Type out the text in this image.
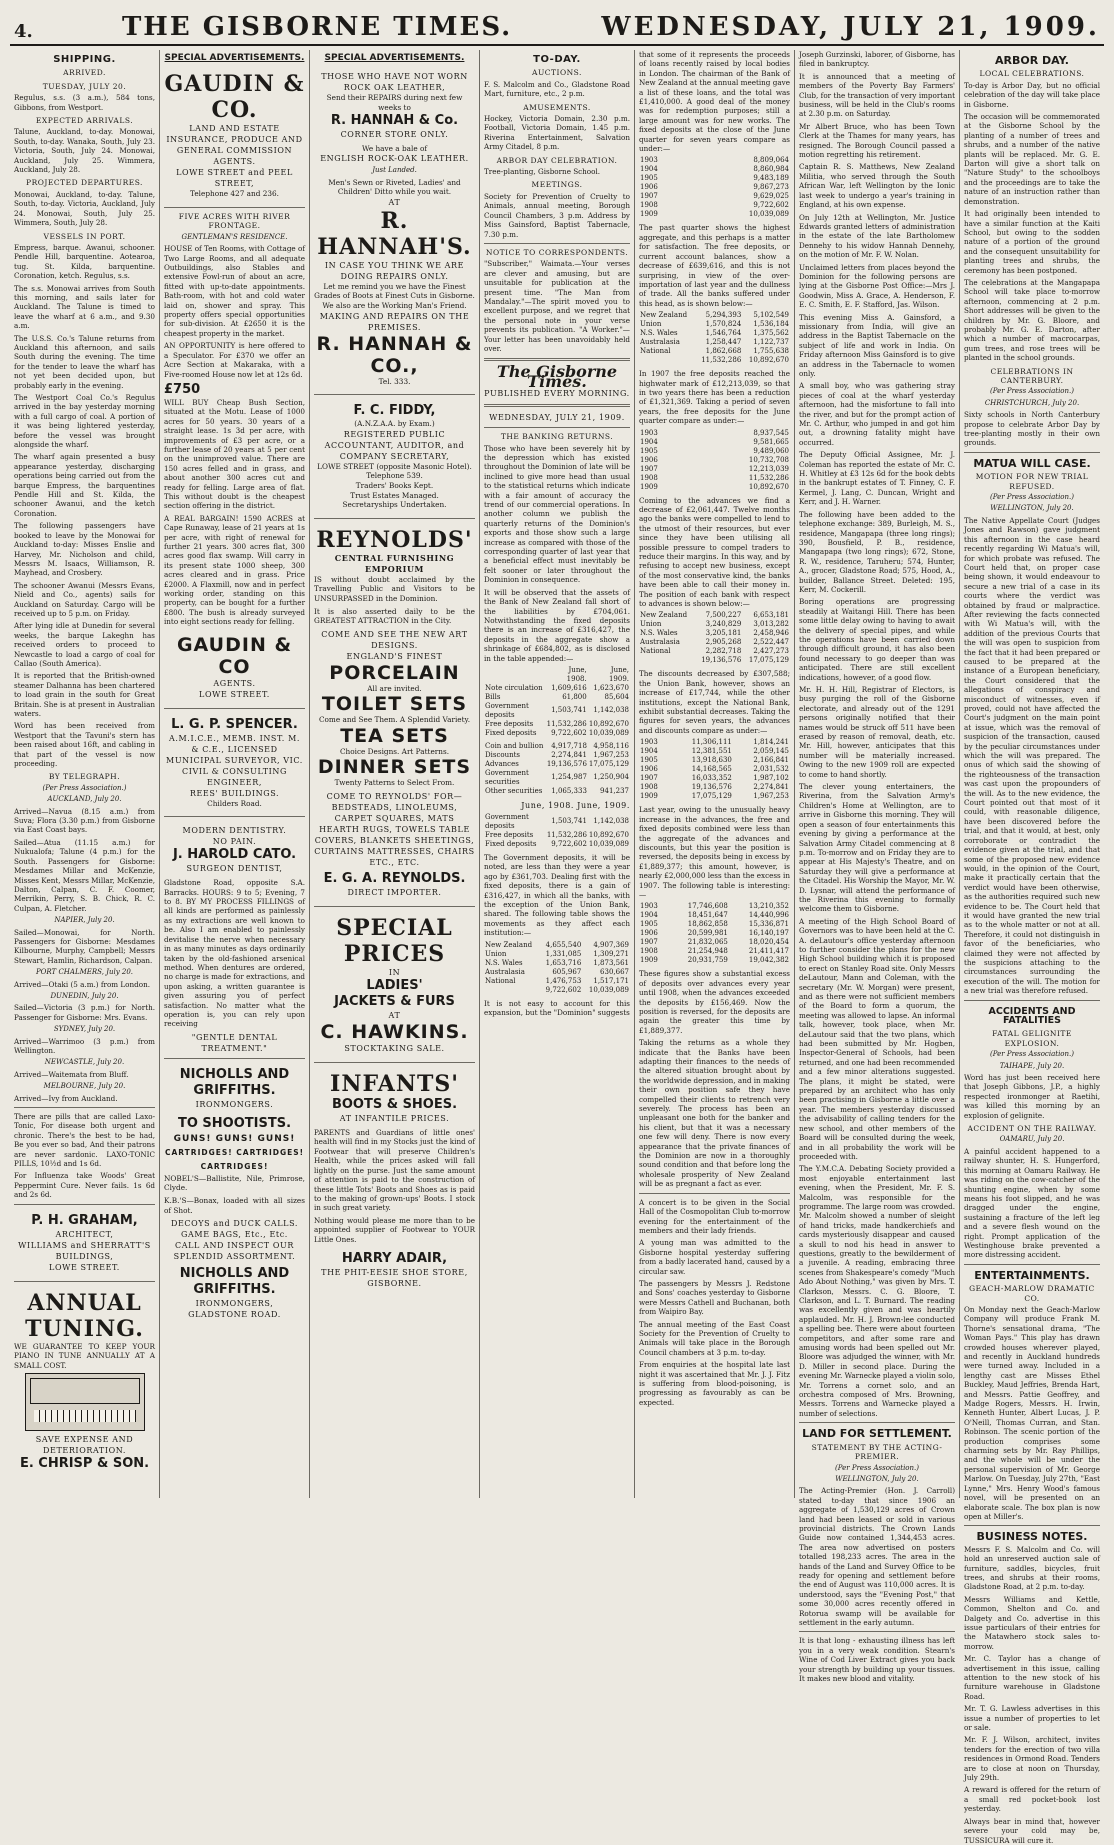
4.	THE GISBORNE TIMES.	WEDNESDAY, JULY 21, 1909.
SHIPPING.
ARRIVED.
TUESDAY, JULY 20.

Regulus, s.s. (3 a.m.), 584 tons, Gibbons, from Westport.

EXPECTED ARRIVALS.

Talune, Auckland, to-day. Monowai, South, to-day. Wanaka, South, July 23. Victoria, South, July 24. Monowai, Auckland, July 25. Wimmera, Auckland, July 28.

PROJECTED DEPARTURES.

Monowai, Auckland, to-day. Talune, South, to-day. Victoria, Auckland, July 24. Monowai, South, July 25. Wimmera, South, July 28.

VESSELS IN PORT.

Empress, barque. Awanui, schooner. Pendle Hill, barquentine. Aotearoa, tug. St. Kilda, barquentine. Coronation, ketch. Regulus, s.s.

The s.s. Monowai arrives from South this morning, and sails later for Auckland. The Talune is timed to leave the wharf at 6 a.m., and 9.30 a.m.

The U.S.S. Co.'s Talune returns from Auckland this afternoon, and sails South during the evening. The time for the tender to leave the wharf has not yet been decided upon, but probably early in the evening.

The Westport Coal Co.'s Regulus arrived in the bay yesterday morning with a full cargo of coal. A portion of it was being lightered yesterday, before the vessel was brought alongside the wharf.

The wharf again presented a busy appearance yesterday, discharging operations being carried out from the barque Empress, the barquentines Pendle Hill and St. Kilda, the schooner Awanui, and the ketch Coronation.

The following passengers have booked to leave by the Monowai for Auckland to-day: Misses Enslie and Harvey, Mr. Nicholson and child, Messrs M. Isaacs, Williamson, R. Mayhead, and Crosbery.

The schooner Awanui (Messrs Evans, Nield and Co., agents) sails for Auckland on Saturday. Cargo will be received up to 5 p.m. on Friday.

After lying idle at Dunedin for several weeks, the barque Lakeghn has received orders to proceed to Newcastle to load a cargo of coal for Callao (South America).

It is reported that the British-owned steamer Dalhanna has been chartered to load grain in the south for Great Britain. She is at present in Australian waters.

Word has been received from Westport that the Tavuni's stern has been raised about 16ft, and cabling in that part of the vessel is now proceeding.

BY TELEGRAPH.
(Per Press Association.)
AUCKLAND, July 20.

Arrived—Navua (8.15 a.m.) from Suva; Flora (3.30 p.m.) from Gisborne via East Coast bays.

Sailed—Atua (11.15 a.m.) for Nukualofa; Talune (4 p.m.) for the South. Passengers for Gisborne: Mesdames Millar and McKenzie, Misses Kent, Messrs Millar, McKenzie, Dalton, Calpan, C. F. Coomer, Merrikin, Perry, S. B. Chick, R. C. Culpan, A. Fletcher.

NAPIER, July 20.

Sailed—Monowai, for North. Passengers for Gisborne: Mesdames Kilbourne, Murphy, Campbell; Messrs Stewart, Hamlin, Richardson, Calpan.

PORT CHALMERS, July 20.

Arrived—Otaki (5 a.m.) from London.

DUNEDIN, July 20.

Sailed—Victoria (3 p.m.) for North. Passenger for Gisborne: Mrs. Evans.

SYDNEY, July 20.

Arrived—Warrimoo (3 p.m.) from Wellington.

NEWCASTLE, July 20.

Arrived—Waitemata from Bluff.

MELBOURNE, July 20.

Arrived—Ivy from Auckland.

There are pills that are called Laxo-Tonic, For disease both urgent and chronic. There's the best to be had, Be you ever so bad, And their patrons are never sardonic. LAXO-TONIC PILLS, 10½d and 1s 6d.

For Influenza take Woods' Great Peppermint Cure. Never fails. 1s 6d and 2s 6d.

P. H. GRAHAM,
ARCHITECT,
WILLIAMS and SHERRATT'S
BUILDINGS,
LOWE STREET.
ANNUAL
TUNING.

WE GUARANTEE TO KEEP YOUR PIANO IN TUNE ANNUALLY AT A SMALL COST.

SAVE EXPENSE AND DETERIORATION.
E. CHRISP & SON.
SPECIAL ADVERTISEMENTS.
GAUDIN & CO.
LAND AND ESTATE INSURANCE, PRODUCE AND GENERAL COMMISSION AGENTS.
LOWE STREET and PEEL STREET,
Telephone 427 and 236.
FIVE ACRES WITH RIVER FRONTAGE.
GENTLEMAN'S RESIDENCE.

HOUSE of Ten Rooms, with Cottage of Two Large Rooms, and all adequate Outbuildings, also Stables and extensive Fowl-run of about an acre, fitted with up-to-date appointments. Bath-room, with hot and cold water laid on, shower and spray. This property offers special opportunities for sub-division. At £2650 it is the cheapest property in the market.

AN OPPORTUNITY is here offered to a Speculator. For £370 we offer an Acre Section at Makaraka, with a Five-roomed House now let at 12s 6d.

£750

WILL BUY Cheap Bush Section, situated at the Motu. Lease of 1000 acres for 50 years. 30 years of a straight lease. 1s 3d per acre, with improvements of £3 per acre, or a further lease of 20 years at 5 per cent on the unimproved value. There are 150 acres felled and in grass, and about another 300 acres cut and ready for felling. Large area of flat. This without doubt is the cheapest section offering in the district.

A REAL BARGAIN! 1590 ACRES at Cape Runaway, lease of 21 years at 1s per acre, with right of renewal for further 21 years. 300 acres flat, 300 acres good flax swamp. Will carry in its present state 1000 sheep, 300 acres cleared and in grass. Price £2000. A Flaxmill, now and in perfect working order, standing on this property, can be bought for a further £800. The bush is already surveyed into eight sections ready for felling.

GAUDIN & CO
AGENTS.
LOWE STREET.
L. G. P. SPENCER.
A.M.I.C.E., MEMB. INST. M. & C.E., LICENSED MUNICIPAL SURVEYOR, VIC.
CIVIL & CONSULTING ENGINEER,
REES' BUILDINGS.
Childers Road.
MODERN DENTISTRY.
NO PAIN.
J. HAROLD CATO.
SURGEON DENTIST,

Gladstone Road, opposite S.A. Barracks. HOURS: 9 to 5; Evening, 7 to 8. BY MY PROCESS FILLINGS of all kinds are performed as painlessly as my extractions are well known to be. Also I am enabled to painlessly devitalise the nerve when necessary in as many minutes as days ordinarily taken by the old-fashioned arsenical method. When dentures are ordered, no charge is made for extractions, and upon asking, a written guarantee is given assuring you of perfect satisfaction. No matter what the operation is, you can rely upon receiving

"GENTLE DENTAL TREATMENT."
NICHOLLS AND GRIFFITHS.
IRONMONGERS.
TO SHOOTISTS.
GUNS! GUNS! GUNS!
CARTRIDGES! CARTRIDGES! CARTRIDGES!

NOBEL'S—Ballistite, Nile, Primrose, Clyde.

K.B.'S—Bonax, loaded with all sizes of Shot.

DECOYS and DUCK CALLS.
GAME BAGS, Etc., Etc.
CALL AND INSPECT OUR SPLENDID ASSORTMENT.
NICHOLLS AND GRIFFITHS.
IRONMONGERS,
GLADSTONE ROAD.
SPECIAL ADVERTISEMENTS.
THOSE WHO HAVE NOT WORN ROCK OAK LEATHER,
Send their REPAIRS during next few weeks to
R. HANNAH & Co.
CORNER STORE ONLY.
We have a bale of
ENGLISH ROCK-OAK LEATHER.
Just Landed.
Men's Sewn or Riveted, Ladies' and Children' Ditto while you wait.
AT
R. HANNAH'S.
IN CASE YOU THINK WE ARE DOING REPAIRS ONLY.
Let me remind you we have the Finest Grades of Boots at Finest Cuts in Gisborne.
We also are the Working Man's Friend.
MAKING AND REPAIRS ON THE PREMISES.
R. HANNAH & CO.,
Tel. 333.
F. C. FIDDY,
(A.N.Z.A.A. by Exam.)
REGISTERED PUBLIC ACCOUNTANT, AUDITOR, and COMPANY SECRETARY,
LOWE STREET (opposite Masonic Hotel). Telephone 539.
Traders' Books Kept.
Trust Estates Managed.
Secretaryships Undertaken.
REYNOLDS'
CENTRAL FURNISHING EMPORIUM

IS without doubt acclaimed by the Travelling Public and Visitors to be UNSURPASSED in the Dominion.

It is also asserted daily to be the GREATEST ATTRACTION in the City.

COME AND SEE THE NEW ART DESIGNS.
ENGLAND'S FINEST
PORCELAIN
All are invited.
TOILET SETS
Come and See Them. A Splendid Variety.
TEA SETS
Choice Designs. Art Patterns.
DINNER SETS
Twenty Patterns to Select From.
COME TO REYNOLDS' FOR—
BEDSTEADS, LINOLEUMS, CARPET SQUARES, MATS HEARTH RUGS, TOWELS TABLE COVERS, BLANKETS SHEETINGS, CURTAINS MATTRESSES, CHAIRS ETC., ETC.
E. G. A. REYNOLDS.
DIRECT IMPORTER.
SPECIAL
PRICES
IN
LADIES'
JACKETS & FURS
AT
C. HAWKINS.
STOCKTAKING SALE.
INFANTS'
BOOTS & SHOES.
AT INFANTILE PRICES.

PARENTS and Guardians of little ones' health will find in my Stocks just the kind of Footwear that will preserve Children's Health, while the prices asked will fall lightly on the purse. Just the same amount of attention is paid to the construction of these little Tots' Boots and Shoes as is paid to the making of grown-ups' Boots. I stock in such great variety.

Nothing would please me more than to be appointed supplier of Footwear to YOUR Little Ones.

HARRY ADAIR,
THE PHIT-EESIE SHOE STORE, GISBORNE.
TO-DAY.
AUCTIONS.

F. S. Malcolm and Co., Gladstone Road Mart, furniture, etc., 2 p.m.

AMUSEMENTS.

Hockey, Victoria Domain, 2.30 p.m. Football, Victoria Domain, 1.45 p.m. Riverina Entertainment, Salvation Army Citadel, 8 p.m.

ARBOR DAY CELEBRATION.

Tree-planting, Gisborne School.

MEETINGS.

Society for Prevention of Cruelty to Animals, annual meeting, Borough Council Chambers, 3 p.m. Address by Miss Gainsford, Baptist Tabernacle, 7.30 p.m.

NOTICE TO CORRESPONDENTS.

"Subscriber," Waimata.—Your verses are clever and amusing, but are unsuitable for publication at the present time. "The Man from Mandalay."—The spirit moved you to excellent purpose, and we regret that the personal note in your verse prevents its publication. "A Worker."—Your letter has been unavoidably held over.

The Gisborne Times.
PUBLISHED EVERY MORNING.
WEDNESDAY, JULY 21, 1909.
THE BANKING RETURNS.

Those who have been severely hit by the depression which has existed throughout the Dominion of late will be inclined to give more head than usual to the statistical returns which indicate with a fair amount of accuracy the trend of our commercial operations. In another column we publish the quarterly returns of the Dominion's exports and those show such a large increase as compared with those of the corresponding quarter of last year that a beneficial effect must inevitably be felt sooner or later throughout the Dominion in consequence.

It will be observed that the assets of the Bank of New Zealand fall short of the liabilities by £704,061. Notwithstanding the fixed deposits there is an increase of £316,427, the deposits in the aggregate show a shrinkage of £684,802, as is disclosed in the table appended:—

	June, 1908.	June, 1909.
Note circulation	1,609,616	1,623,670
Bills	61,800	85,604
Government deposits	1,503,741	1,142,038
Free deposits	11,532,286	10,892,670
Fixed deposits	9,722,602	10,039,089
Coin and bullion	4,917,718	4,958,116
Discounts	2,274,841	1,967,253
Advances	19,136,576	17,075,129
Government securities	1,254,987	1,250,904
Other securities	1,065,333	941,237
June, 1908. June, 1909.
Government deposits	1,503,741	1,142,038
Free deposits	11,532,286	10,892,670
Fixed deposits	9,722,602	10,039,089

The Government deposits, it will be noted, are less than they were a year ago by £361,703. Dealing first with the fixed deposits, there is a gain of £316,427, in which all the banks, with the exception of the Union Bank, shared. The following table shows the movements as they affect each institution:—

New Zealand	4,655,540	4,907,369
Union	1,331,085	1,309,271
N.S. Wales	1,653,716	1,873,561
Australasia	605,967	630,667
National	1,476,753	1,517,171
	9,722,602	10,039,089

It is not easy to account for this expansion, but the "Dominion" suggests

that some of it represents the proceeds of loans recently raised by local bodies in London. The chairman of the Bank of New Zealand at the annual meeting gave a list of these loans, and the total was £1,410,000. A good deal of the money was for redemption purposes; still a large amount was for new works. The fixed deposits at the close of the June quarter for seven years compare as under:—

1903	8,809,064
1904	8,860,984
1905	9,483,189
1906	9,867,273
1907	9,629,025
1908	9,722,602
1909	10,039,089

The past quarter shows the highest aggregate, and this perhaps is a matter for satisfaction. The free deposits, or current account balances, show a decrease of £639,616, and this is not surprising, in view of the over-importation of last year and the dullness of trade. All the banks suffered under this head, as is shown below:—

New Zealand	5,294,393	5,102,549
Union	1,570,824	1,536,184
N.S. Wales	1,546,764	1,375,562
Australasia	1,258,447	1,122,737
National	1,862,668	1,755,638
	11,532,286	10,892,670

In 1907 the free deposits reached the highwater mark of £12,213,039, so that in two years there has been a reduction of £1,321,369. Taking a period of seven years, the free deposits for the June quarter compare as under:—

1903	8,937,545
1904	9,581,665
1905	9,489,060
1906	10,732,708
1907	12,213,039
1908	11,532,286
1909	10,892,670

Coming to the advances we find a decrease of £2,061,447. Twelve months ago the banks were compelled to lend to the utmost of their resources, but ever since they have been utilising all possible pressure to compel traders to reduce their margins. In this way, and by refusing to accept new business, except of the most conservative kind, the banks have been able to call their money in. The position of each bank with respect to advances is shown below:—

New Zealand	7,500,227	6,653,181
Union	3,240,829	3,013,282
N.S. Wales	3,205,181	2,458,946
Australasia	2,905,268	2,522,447
National	2,282,718	2,427,273
	19,136,576	17,075,129

The discounts decreased by £307,588; the Union Bank, however, shows an increase of £17,744, while the other institutions, except the National Bank, exhibit substantial decreases. Taking the figures for seven years, the advances and discounts compare as under:—

1903	11,306,111	1,814,241
1904	12,381,551	2,059,145
1905	13,918,630	2,166,841
1906	14,168,565	2,031,532
1907	16,033,352	1,987,102
1908	19,136,576	2,274,841
1909	17,075,129	1,967,253

Last year, owing to the unusually heavy increase in the advances, the free and fixed deposits combined were less than the aggregate of the advances and discounts, but this year the position is reversed, the deposits being in excess by £1,889,377; this amount, however, is nearly £2,000,000 less than the excess in 1907. The following table is interesting:—

1903	17,746,608	13,210,352
1904	18,451,647	14,440,996
1905	18,862,858	15,336,871
1906	20,599,981	16,140,197
1907	21,832,065	18,020,454
1908	21,254,948	21,411,417
1909	20,931,759	19,042,382

These figures show a substantial excess of deposits over advances every year until 1908, when the advances exceeded the deposits by £156,469. Now the position is reversed, for the deposits are again the greater this time by £1,889,377.

Taking the returns as a whole they indicate that the Banks have been adapting their finances to the needs of the altered situation brought about by the worldwide depression, and in making their own position safe they have compelled their clients to retrench very severely. The process has been an unpleasant one both for the banker and his client, but that it was a necessary one few will deny. There is now every appearance that the private finances of the Dominion are now in a thoroughly sound condition and that before long the wholesale prosperity of New Zealand will be as pregnant a fact as ever.

A concert is to be given in the Social Hall of the Cosmopolitan Club to-morrow evening for the entertainment of the members and their lady friends.

A young man was admitted to the Gisborne hospital yesterday suffering from a badly lacerated hand, caused by a circular saw.

The passengers by Messrs J. Redstone and Sons' coaches yesterday to Gisborne were Messrs Cathell and Buchanan, both from Waipiro Bay.

The annual meeting of the East Coast Society for the Prevention of Cruelty to Animals will take place in the Borough Council chambers at 3 p.m. to-day.

From enquiries at the hospital late last night it was ascertained that Mr. J. J. Fitz is suffering from blood-poisoning, is progressing as favourably as can be expected.

Joseph Gurzinski, laborer, of Gisborne, has filed in bankruptcy.

It is announced that a meeting of members of the Poverty Bay Farmers' Club, for the transaction of very important business, will be held in the Club's rooms at 2.30 p.m. on Saturday.

Mr Albert Bruce, who has been Town Clerk at the Thames for many years, has resigned. The Borough Council passed a motion regretting his retirement.

Captain R. S. Matthews, New Zealand Militia, who served through the South African War, left Wellington by the Ionic last week to undergo a year's training in England, at his own expense.

On July 12th at Wellington, Mr. Justice Edwards granted letters of administration in the estate of the late Bartholomew Dennehy to his widow Hannah Dennehy, on the motion of Mr. F. W. Nolan.

Unclaimed letters from places beyond the Dominion for the following persons are lying at the Gisborne Post Office:—Mrs J. Goodwin, Miss A. Grace, A. Henderson, F. E. C. Smith, E. F. Stafford, Jas. Wilson.

This evening Miss A. Gainsford, a missionary from India, will give an address in the Baptist Tabernacle on the subject of life and work in India. On Friday afternoon Miss Gainsford is to give an address in the Tabernacle to women only.

A small boy, who was gathering stray pieces of coal at the wharf yesterday afternoon, had the misfortune to fall into the river, and but for the prompt action of Mr. C. Arthur, who jumped in and got him out, a drowning fatality might have occurred.

The Deputy Official Assignee, Mr. J. Coleman has reported the estate of Mr. C. H. Whitley at £3 12s 6d for the book debts in the bankrupt estates of T. Finney, C. F. Kermel, J. Lang, C. Duncan, Wright and Kerr, and J. H. Warner.

The following have been added to the telephone exchange: 389, Burleigh, M. S., residence, Mangapapa (three long rings); 390, Bousfield, P. B., residence, Mangapapa (two long rings); 672, Stone, R. W., residence, Taruheru; 574, Hunter, A., grocer, Gladstone Road; 575, Hood, A., builder, Ballance Street. Deleted: 195, Kerr, M. Cockerill.

Boring operations are progressing steadily at Waitangi Hill. There has been some little delay owing to having to await the delivery of special pipes, and while the operations have been carried down through difficult ground, it has also been found necessary to go deeper than was anticipated. There are still excellent indications, however, of a good flow.

Mr. H. H. Hill, Registrar of Electors, is busy purging the roll of the Gisborne electorate, and already out of the 1291 persons originally notified that their names would be struck off 511 have been erased by reason of removal, death, etc. Mr. Hill, however, anticipates that this number will be materially increased. Owing to the new 1909 roll are expected to come to hand shortly.

The clever young entertainers, the Riverina, from the Salvation Army's Children's Home at Wellington, are to arrive in Gisborne this morning. They will open a season of four entertainments this evening by giving a performance at the Salvation Army Citadel commencing at 8 p.m. To-morrow and on Friday they are to appear at His Majesty's Theatre, and on Saturday they will give a performance at the Citadel. His Worship the Mayor, Mr. W. D. Lysnar, will attend the performance of the Riverina this evening to formally welcome them to Gisborne.

A meeting of the High School Board of Governors was to have been held at the C. A. deLautour's office yesterday afternoon to further consider the plans for the new High School building which it is proposed to erect on Stanley Road site. Only Messrs deLautour, Mann and Coleman, with the secretary (Mr. W. Morgan) were present, and as there were not sufficient members of the Board to form a quorum, the meeting was allowed to lapse. An informal talk, however, took place, when Mr. deLautour said that the two plans, which had been submitted by Mr. Hogben, Inspector-General of Schools, had been returned, and one had been recommended and a few minor alterations suggested. The plans, it might be stated, were prepared by an architect who has only been practising in Gisborne a little over a year. The members yesterday discussed the advisability of calling tenders for the new school, and other members of the Board will be consulted during the week, and in all probability the work will be proceeded with.

The Y.M.C.A. Debating Society provided a most enjoyable entertainment last evening, when the President, Mr. F. S. Malcolm, was responsible for the programme. The large room was crowded. Mr. Malcolm showed a number of sleight of hand tricks, made handkerchiefs and cards mysteriously disappear and caused a skull to nod his head in answer to questions, greatly to the bewilderment of a juvenile. A reading, embracing three scenes from Shakespeare's comedy "Much Ado About Nothing," was given by Mrs. T. Clarkson, Messrs. C. G. Bloore, T. Clarkson, and L. T. Burnard. The reading was excellently given and was heartily applauded. Mr. H. J. Brown-lee conducted a spelling bee. There were about fourteen competitors, and after some rare and amusing words had been spelled out Mr. Bloore was adjudged the winner, with Mr. D. Miller in second place. During the evening Mr. Warnecke played a violin solo, Mr. Torrens a cornet solo, and an orchestra composed of Mrs. Browning, Messrs. Torrens and Warnecke played a number of selections.

LAND FOR SETTLEMENT.
STATEMENT BY THE ACTING-PREMIER.
(Per Press Association.)
WELLINGTON, July 20.

The Acting-Premier (Hon. J. Carroll) stated to-day that since 1906 an aggregate of 1,530,129 acres of Crown land had been leased or sold in various provincial districts. The Crown Lands Guide now contained 1,344,453 acres. The area now advertised on posters totalled 198,233 acres. The area in the hands of the Land and Survey Office to be ready for opening and settlement before the end of August was 110,000 acres. It is understood, says the "Evening Post," that some 30,000 acres recently offered in Rotorua swamp will be available for settlement in the early autumn.

It is that long - exhausting illness has left you in a very weak condition. Stearn's Wine of Cod Liver Extract gives you back your strength by building up your tissues. It makes new blood and vitality.

ARBOR DAY.
LOCAL CELEBRATIONS.

To-day is Arbor Day, but no official celebration of the day will take place in Gisborne.

The occasion will be commemorated at the Gisborne School by the planting of a number of trees and shrubs, and a number of the native plants will be replaced. Mr. G. E. Darton will give a short talk on "Nature Study" to the schoolboys and the proceedings are to take the nature of an instruction rather than demonstration.

It had originally been intended to have a similar function at the Kaiti School, but owing to the sodden nature of a portion of the ground and the consequent unsuitability for planting trees and shrubs, the ceremony has been postponed.

The celebrations at the Mangapapa School will take place to-morrow afternoon, commencing at 2 p.m. Short addresses will be given to the children by Mr. G. Bloore, and probably Mr. G. E. Darton, after which a number of macrocarpas, gum trees, and rose trees will be planted in the school grounds.

CELEBRATIONS IN CANTERBURY.
(Per Press Association.)
CHRISTCHURCH, July 20.

Sixty schools in North Canterbury propose to celebrate Arbor Day by tree-planting mostly in their own grounds.

MATUA WILL CASE.
MOTION FOR NEW TRIAL REFUSED.
(Per Press Association.)
WELLINGTON, July 20.

The Native Appellate Court (Judges Jones and Rawson) gave judgment this afternoon in the case heard recently regarding Wi Matua's will, for which probate was refused. The Court held that, on proper case being shown, it would endeavour to secure a new trial of a case in its courts where the verdict was obtained by fraud or malpractice. After reviewing the facts connected with Wi Matua's will, with the addition of the previous Courts that the will was open to suspicion from the fact that it had been prepared or caused to be prepared at the instance of a European beneficiary, the Court considered that the allegations of conspiracy and misconduct of witnesses, even if proved, could not have affected the Court's judgment on the main point at issue, which was the removal of suspicion of the transaction, caused by the peculiar circumstances under which the will was prepared. The onus of which said the showing of the righteousness of the transaction was cast upon the propounders of the will. As to the new evidence, the Court pointed out that most of it could, with reasonable diligence, have been discovered before the trial, and that it would, at best, only corroborate or contradict the evidence given at the trial, and that some of the proposed new evidence would, in the opinion of the Court, make it practically certain that the verdict would have been otherwise, as the authorities required such new evidence to be. The Court held that it would have granted the new trial as to the whole matter or not at all. Therefore, it could not distinguish in favor of the beneficiaries, who claimed they were not affected by the suspicions attaching to the circumstances surrounding the execution of the will. The motion for a new trial was therefore refused.

ACCIDENTS AND FATALITIES
FATAL GELIGNITE EXPLOSION.
(Per Press Association.)
TAIHAPE, July 20.

Word has just been received here that Joseph Gibbons, J.P., a highly respected ironmonger at Raetihi, was killed this morning by an explosion of gelignite.

ACCIDENT ON THE RAILWAY.
OAMARU, July 20.

A painful accident happened to a railway shunter, H. S. Hungerford, this morning at Oamaru Railway. He was riding on the cow-catcher of the shunting engine, when by some means his foot slipped, and he was dragged under the engine, sustaining a fracture of the left leg and a severe flesh wound on the right. Prompt application of the Westinghouse brake prevented a more distressing accident.

ENTERTAINMENTS.
GEACH-MARLOW DRAMATIC CO.

On Monday next the Geach-Marlow Company will produce Frank M. Thorne's sensational drama, "The Woman Pays." This play has drawn crowded houses wherever played, and recently in Auckland hundreds were turned away. Included in a lengthy cast are Misses Ethel Buckley, Maud Jeffries, Brenda Hart, and Messrs. Pattie Geoffrey, and Madge Rogers, Messrs. H. Irwin, Kenneth Hunter, Albert Lucas, J. P. O'Neill, Thomas Curran, and Stan. Robinson. The scenic portion of the production comprises some charming sets by Mr. Ray Phillips, and the whole will be under the personal supervision of Mr. George Marlow. On Tuesday, July 27th, "East Lynne," Mrs. Henry Wood's famous novel, will be presented on an elaborate scale. The box plan is now open at Miller's.

BUSINESS NOTES.

Messrs F. S. Malcolm and Co. will hold an unreserved auction sale of furniture, saddles, bicycles, fruit trees, and shrubs at their rooms, Gladstone Road, at 2 p.m. to-day.

Messrs Williams and Kettle, Common, Shelton and Co. and Dalgety and Co. advertise in this issue particulars of their entries for the Matawhero stock sales to-morrow.

Mr. C. Taylor has a change of advertisement in this issue, calling attention to the new stock of his furniture warehouse in Gladstone Road.

Mr. T. G. Lawless advertises in this issue a number of properties to let or sale.

Mr. F. J. Wilson, architect, invites tenders for the erection of two villa residences in Ormond Road. Tenders are to close at noon on Thursday, July 29th.

A reward is offered for the return of a small red pocket-book lost yesterday.

Always bear in mind that, however severe your cold may be, TUSSICURA will cure it.
